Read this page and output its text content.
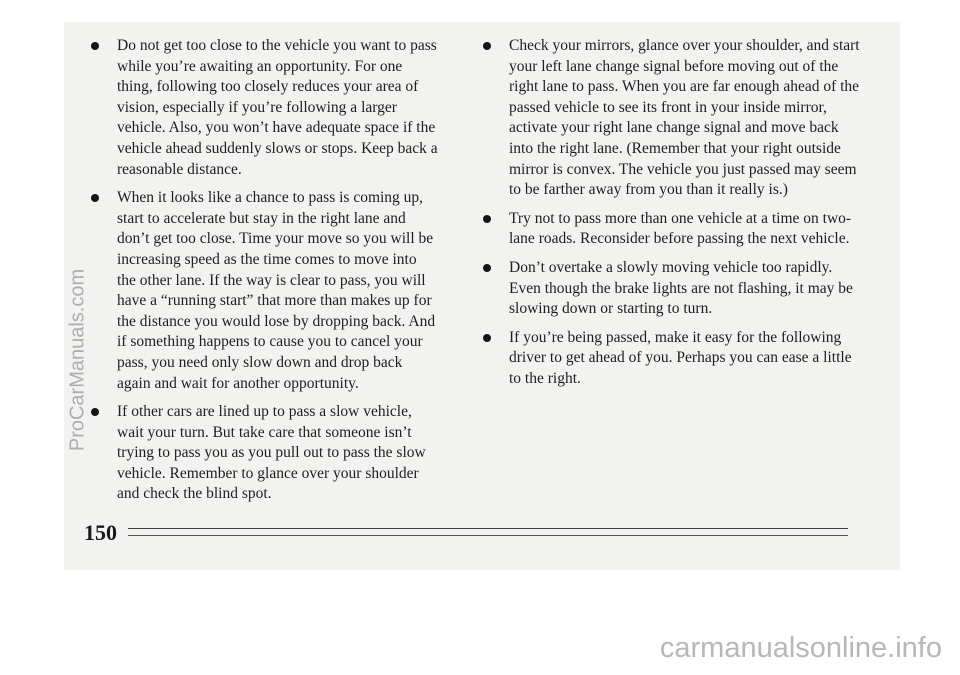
Do not get too close to the vehicle you want to pass while you’re awaiting an opportunity. For one thing, following too closely reduces your area of vision, especially if you’re following a larger vehicle. Also, you won’t have adequate space if the vehicle ahead suddenly slows or stops. Keep back a reasonable distance.
When it looks like a chance to pass is coming up, start to accelerate but stay in the right lane and don’t get too close. Time your move so you will be increasing speed as the time comes to move into the other lane. If the way is clear to pass, you will have a “running start” that more than makes up for the distance you would lose by dropping back. And if something happens to cause you to cancel your pass, you need only slow down and drop back again and wait for another opportunity.
If other cars are lined up to pass a slow vehicle, wait your turn. But take care that someone isn’t trying to pass you as you pull out to pass the slow vehicle. Remember to glance over your shoulder and check the blind spot.
Check your mirrors, glance over your shoulder, and start your left lane change signal before moving out of the right lane to pass. When you are far enough ahead of the passed vehicle to see its front in your inside mirror, activate your right lane change signal and move back into the right lane. (Remember that your right outside mirror is convex. The vehicle you just passed may seem to be farther away from you than it really is.)
Try not to pass more than one vehicle at a time on two-lane roads. Reconsider before passing the next vehicle.
Don’t overtake a slowly moving vehicle too rapidly. Even though the brake lights are not flashing, it may be slowing down or starting to turn.
If you’re being passed, make it easy for the following driver to get ahead of you. Perhaps you can ease a little to the right.
150
ProCarManuals.com
carmanualsonline.info
